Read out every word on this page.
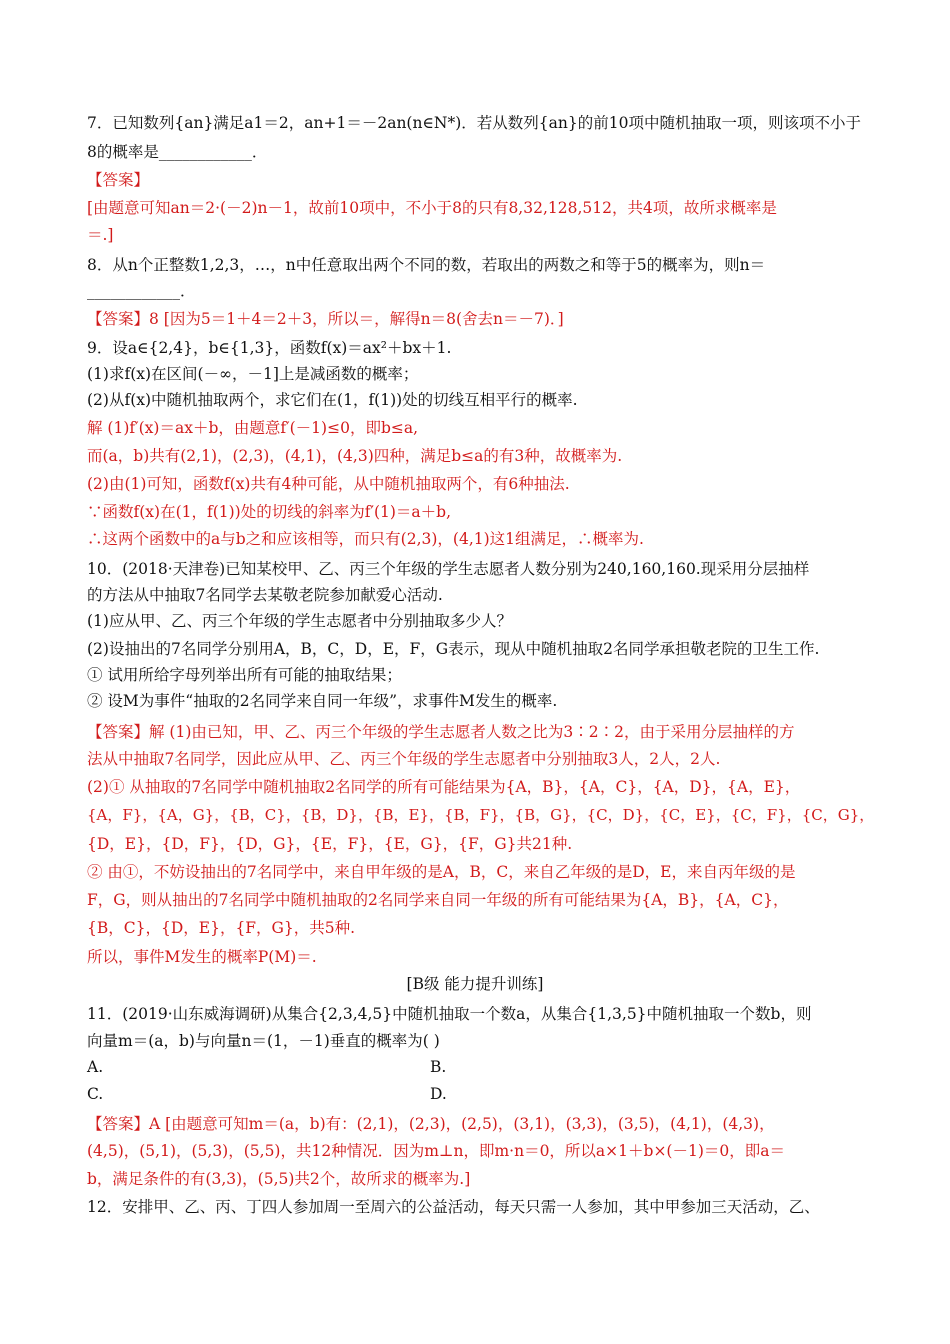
7．已知数列{an}满足a1＝2，an+1＝－2an(n∈N*)．若从数列{an}的前10项中随机抽取一项，则该项不小于
8的概率是____________．
【答案】
[由题意可知an＝2·(－2)n－1，故前10项中，不小于8的只有8,32,128,512，共4项，故所求概率是
＝.]
8．从n个正整数1,2,3，…，n中任意取出两个不同的数，若取出的两数之和等于5的概率为，则n＝
____________．
【答案】8 [因为5＝1＋4＝2＋3，所以＝，解得n＝8(舍去n＝－7)．]
9．设a∈{2,4}，b∈{1,3}，函数f(x)＝ax²＋bx＋1.
(1)求f(x)在区间(－∞，－1]上是减函数的概率；
(2)从f(x)中随机抽取两个，求它们在(1，f(1))处的切线互相平行的概率.
解 (1)f′(x)＝ax＋b，由题意f′(－1)≤0，即b≤a,
而(a，b)共有(2,1)，(2,3)，(4,1)，(4,3)四种，满足b≤a的有3种，故概率为.
(2)由(1)可知，函数f(x)共有4种可能，从中随机抽取两个，有6种抽法.
∵函数f(x)在(1，f(1))处的切线的斜率为f′(1)＝a＋b,
∴这两个函数中的a与b之和应该相等，而只有(2,3)，(4,1)这1组满足，∴概率为.
10．(2018·天津卷)已知某校甲、乙、丙三个年级的学生志愿者人数分别为240,160,160.现采用分层抽样
的方法从中抽取7名同学去某敬老院参加献爱心活动.
(1)应从甲、乙、丙三个年级的学生志愿者中分别抽取多少人？
(2)设抽出的7名同学分别用A，B，C，D，E，F，G表示，现从中随机抽取2名同学承担敬老院的卫生工作.
① 试用所给字母列举出所有可能的抽取结果；
② 设M为事件“抽取的2名同学来自同一年级”，求事件M发生的概率.
【答案】解 (1)由已知，甲、乙、丙三个年级的学生志愿者人数之比为3∶2∶2，由于采用分层抽样的方
法从中抽取7名同学，因此应从甲、乙、丙三个年级的学生志愿者中分别抽取3人，2人，2人.
(2)① 从抽取的7名同学中随机抽取2名同学的所有可能结果为{A，B}，{A，C}，{A，D}，{A，E}，
{A，F}，{A，G}，{B，C}，{B，D}，{B，E}，{B，F}，{B，G}，{C，D}，{C，E}，{C，F}，{C，G}，
{D，E}，{D，F}，{D，G}，{E，F}，{E，G}，{F，G}共21种.
② 由①，不妨设抽出的7名同学中，来自甲年级的是A，B，C，来自乙年级的是D，E，来自丙年级的是
F，G，则从抽出的7名同学中随机抽取的2名同学来自同一年级的所有可能结果为{A，B}，{A，C}，
{B，C}，{D，E}，{F，G}，共5种.
所以，事件M发生的概率P(M)＝.
[B级 能力提升训练]
11．(2019·山东威海调研)从集合{2,3,4,5}中随机抽取一个数a，从集合{1,3,5}中随机抽取一个数b，则
向量m＝(a，b)与向量n＝(1，－1)垂直的概率为( )
A.	B.
C.	D.
【答案】A [由题意可知m＝(a，b)有：(2,1)，(2,3)，(2,5)，(3,1)，(3,3)，(3,5)，(4,1)，(4,3)，
(4,5)，(5,1)，(5,3)，(5,5)，共12种情况．因为m⊥n，即m·n＝0，所以a×1＋b×(－1)＝0，即a＝
b，满足条件的有(3,3)，(5,5)共2个，故所求的概率为.]
12．安排甲、乙、丙、丁四人参加周一至周六的公益活动，每天只需一人参加，其中甲参加三天活动，乙、
